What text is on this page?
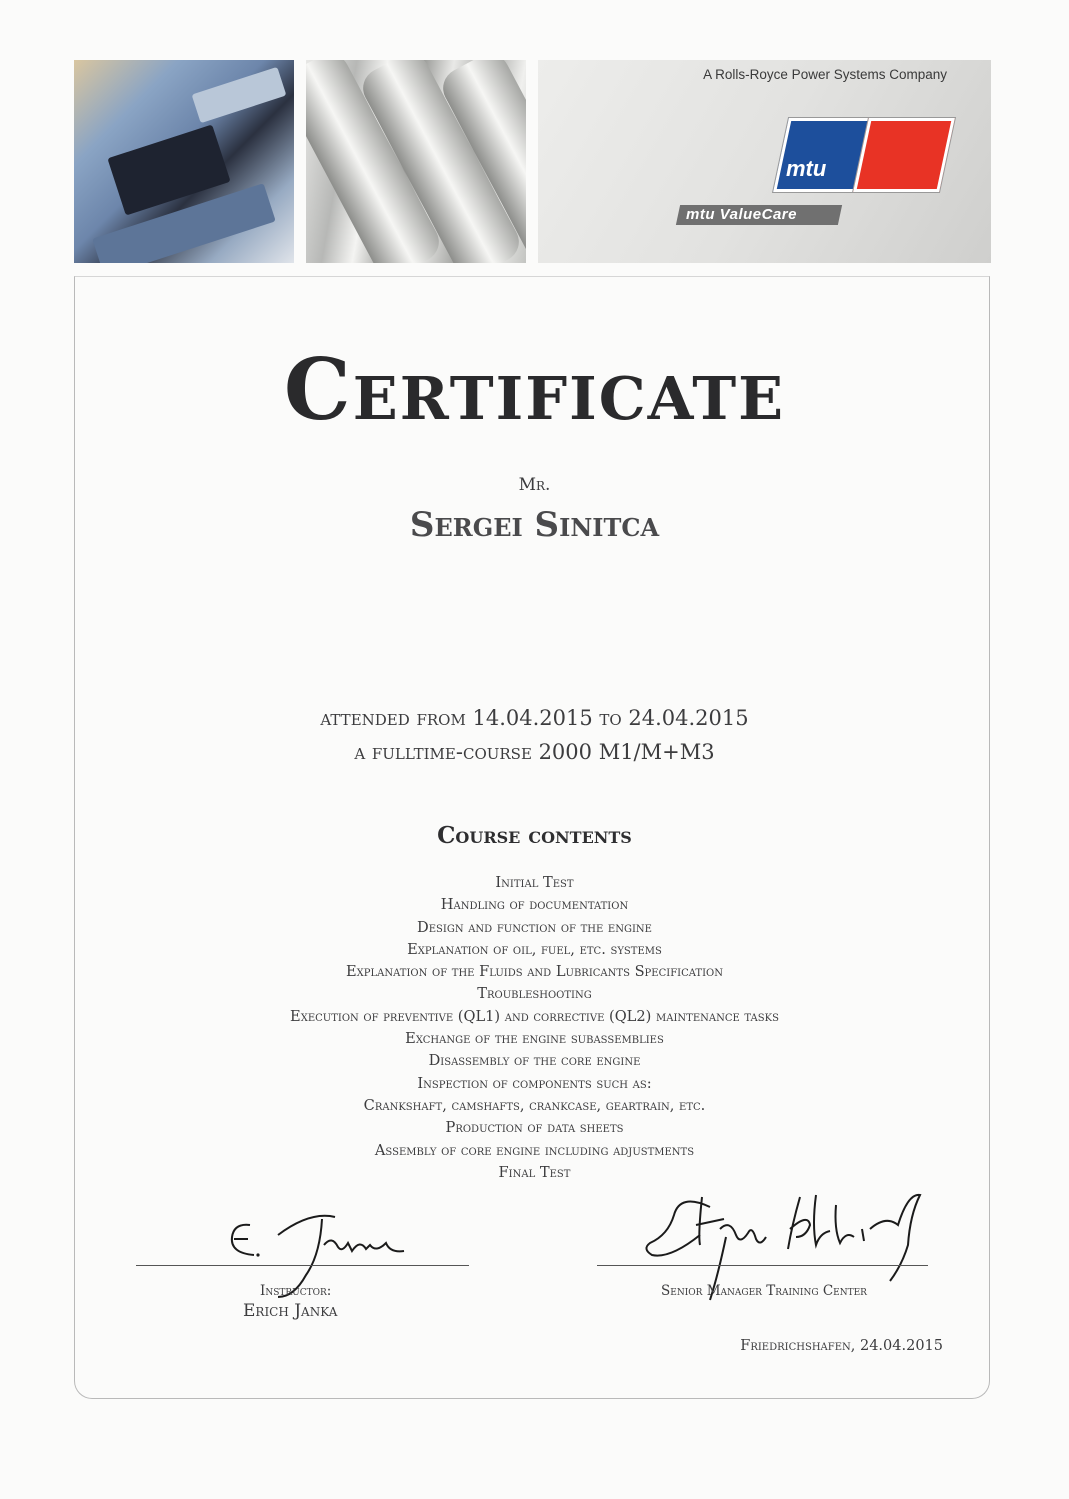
A Rolls-Royce Power Systems Company
mtu
mtu ValueCare
Certificate
Mr.
Sergei Sinitca
attended from 14.04.2015 to 24.04.2015
a fulltime-course 2000 M1/M+M3
Course contents
Initial Test
Handling of documentation
Design and function of the engine
Explanation of oil, fuel, etc. systems
Explanation of the Fluids and Lubricants Specification
Troubleshooting
Execution of preventive (QL1) and corrective (QL2) maintenance tasks
Exchange of the engine subassemblies
Disassembly of the core engine
Inspection of components such as:
Crankshaft, camshafts, crankcase, geartrain, etc.
Production of data sheets
Assembly of core engine including adjustments
Final Test
Instructor:
Erich Janka
Senior Manager Training Center
Friedrichshafen, 24.04.2015
